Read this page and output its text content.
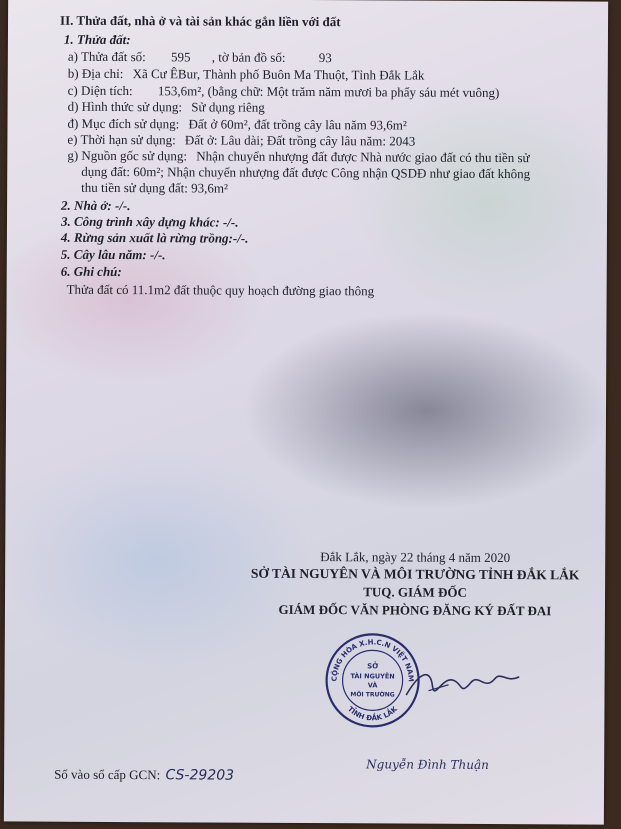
II. Thửa đất, nhà ở và tài sản khác gắn liền với đất
1. Thửa đất:
a) Thửa đất số: 595 , tờ bản đồ số:	93
b) Địa chỉ: Xã Cư ÊBur, Thành phố Buôn Ma Thuột, Tỉnh Đắk Lắk
c) Diện tích: 153,6m², (bằng chữ: Một trăm năm mươi ba phẩy sáu mét vuông)
d) Hình thức sử dụng: Sử dụng riêng
đ) Mục đích sử dụng: Đất ở 60m², đất trồng cây lâu năm 93,6m²
e) Thời hạn sử dụng: Đất ở: Lâu dài; Đất trồng cây lâu năm: 2043
g) Nguồn gốc sử dụng: Nhận chuyển nhượng đất được Nhà nước giao đất có thu tiền sử
dụng đất: 60m²; Nhận chuyển nhượng đất được Công nhận QSDĐ như giao đất không
thu tiền sử dụng đất: 93,6m²
2. Nhà ở: -/-.
3. Công trình xây dựng khác: -/-.
4. Rừng sản xuất là rừng trồng:-/-.
5. Cây lâu năm: -/-.
6. Ghi chú:
Thửa đất có 11.1m2 đất thuộc quy hoạch đường giao thông
Đắk Lắk, ngày 22 tháng 4 năm 2020
SỞ TÀI NGUYÊN VÀ MÔI TRƯỜNG TỈNH ĐẮK LẮK
TUQ. GIÁM ĐỐC
GIÁM ĐỐC VĂN PHÒNG ĐĂNG KÝ ĐẤT ĐAI
CỘNG HÒA X.H.C.N VIỆT NAM
TỈNH ĐẮK LẮK
SỞ
TÀI NGUYÊN
VÀ
MÔI TRƯỜNG
Nguyễn Đình Thuận
Số vào sổ cấp GCN: CS-29203
